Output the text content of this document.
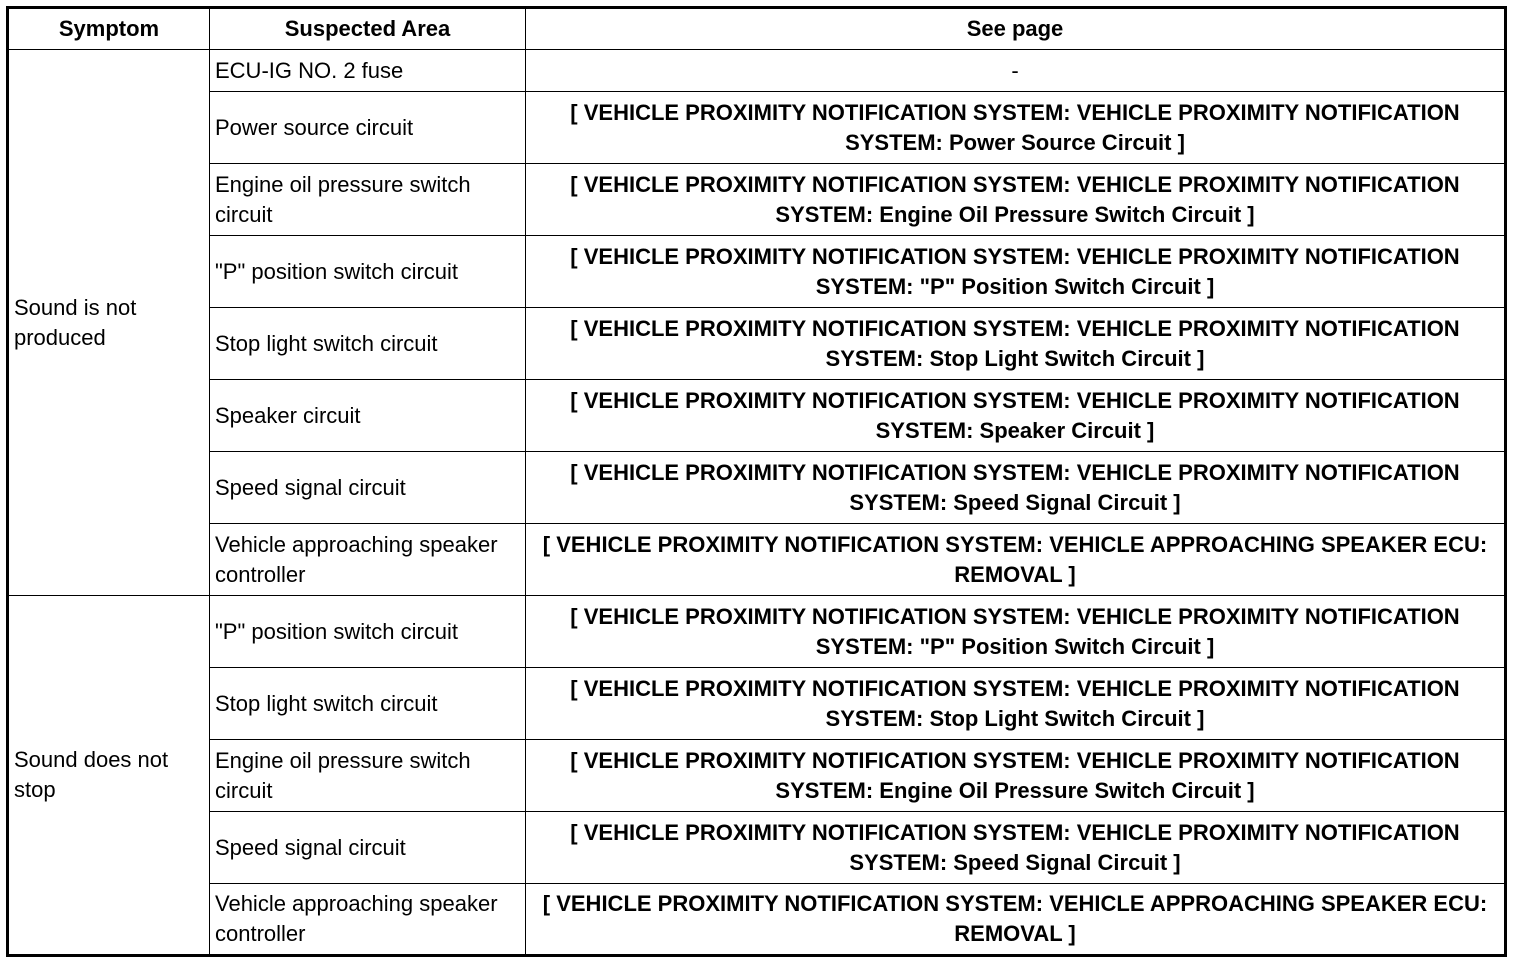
Symptom	Suspected Area	See page
Sound is not produced	ECU-IG NO. 2 fuse	-
	Power source circuit	[ VEHICLE PROXIMITY NOTIFICATION SYSTEM: VEHICLE PROXIMITY NOTIFICATION SYSTEM: Power Source Circuit ]
	Engine oil pressure switch circuit	[ VEHICLE PROXIMITY NOTIFICATION SYSTEM: VEHICLE PROXIMITY NOTIFICATION SYSTEM: Engine Oil Pressure Switch Circuit ]
	"P" position switch circuit	[ VEHICLE PROXIMITY NOTIFICATION SYSTEM: VEHICLE PROXIMITY NOTIFICATION SYSTEM: "P" Position Switch Circuit ]
	Stop light switch circuit	[ VEHICLE PROXIMITY NOTIFICATION SYSTEM: VEHICLE PROXIMITY NOTIFICATION SYSTEM: Stop Light Switch Circuit ]
	Speaker circuit	[ VEHICLE PROXIMITY NOTIFICATION SYSTEM: VEHICLE PROXIMITY NOTIFICATION SYSTEM: Speaker Circuit ]
	Speed signal circuit	[ VEHICLE PROXIMITY NOTIFICATION SYSTEM: VEHICLE PROXIMITY NOTIFICATION SYSTEM: Speed Signal Circuit ]
	Vehicle approaching speaker controller	[ VEHICLE PROXIMITY NOTIFICATION SYSTEM: VEHICLE APPROACHING SPEAKER ECU: REMOVAL ]
Sound does not stop	"P" position switch circuit	[ VEHICLE PROXIMITY NOTIFICATION SYSTEM: VEHICLE PROXIMITY NOTIFICATION SYSTEM: "P" Position Switch Circuit ]
	Stop light switch circuit	[ VEHICLE PROXIMITY NOTIFICATION SYSTEM: VEHICLE PROXIMITY NOTIFICATION SYSTEM: Stop Light Switch Circuit ]
	Engine oil pressure switch circuit	[ VEHICLE PROXIMITY NOTIFICATION SYSTEM: VEHICLE PROXIMITY NOTIFICATION SYSTEM: Engine Oil Pressure Switch Circuit ]
	Speed signal circuit	[ VEHICLE PROXIMITY NOTIFICATION SYSTEM: VEHICLE PROXIMITY NOTIFICATION SYSTEM: Speed Signal Circuit ]
	Vehicle approaching speaker controller	[ VEHICLE PROXIMITY NOTIFICATION SYSTEM: VEHICLE APPROACHING SPEAKER ECU: REMOVAL ]
